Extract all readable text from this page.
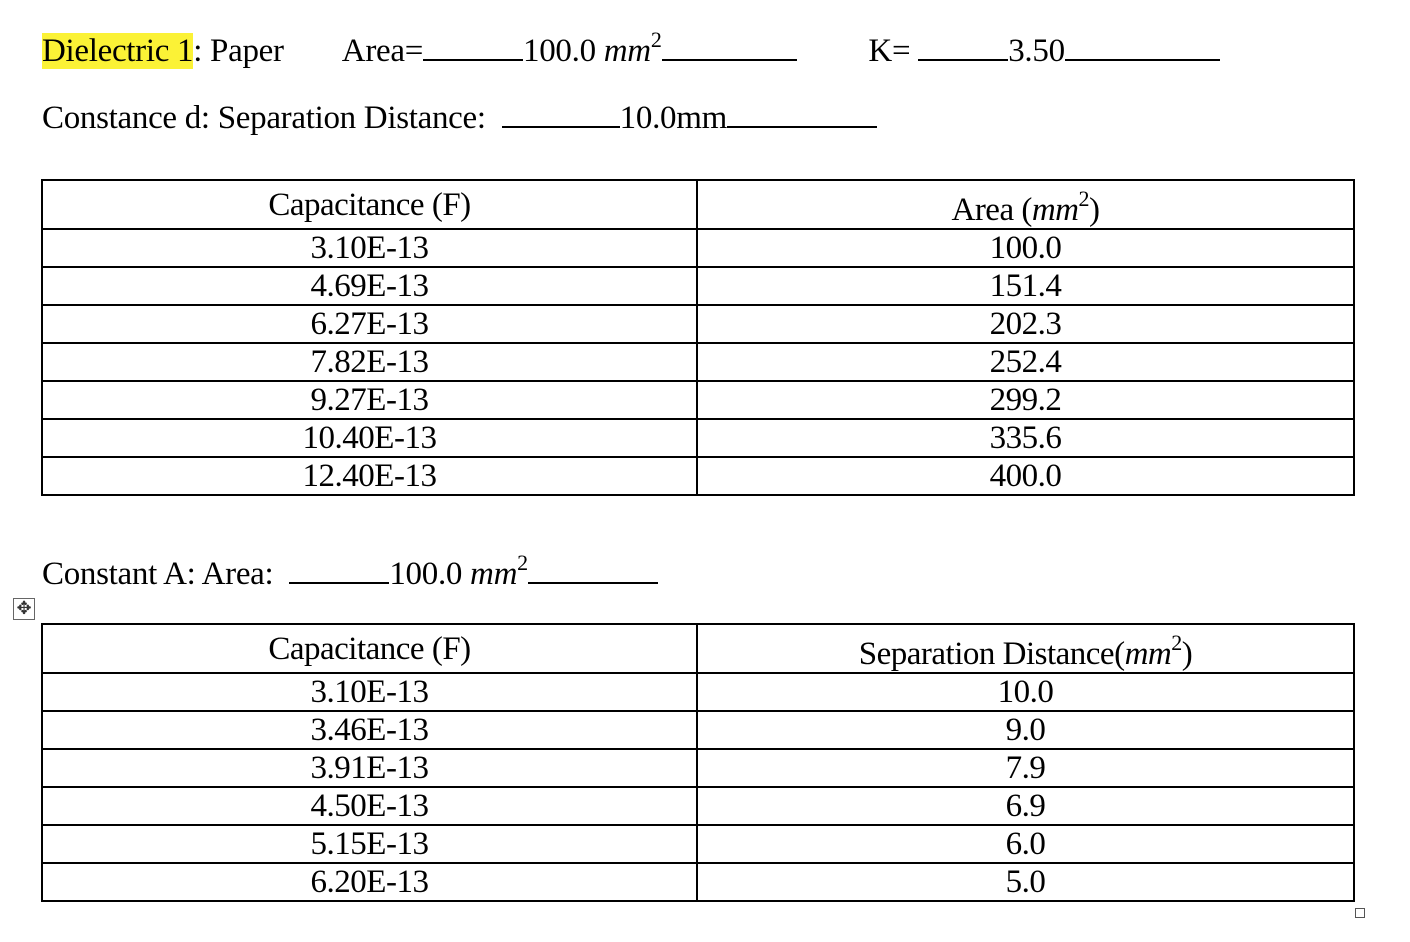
Dielectric 1: Paper Area=	100.0 $mm^2$	K=	3.50
Constance d: Separation Distance:	10.0mm
Capacitance (F)	Area $(mm^2)$
3.10E-13	100.0
4.69E-13	151.4
6.27E-13	202.3
7.82E-13	252.4
9.27E-13	299.2
10.40E-13	335.6
12.40E-13	400.0
Constant A: Area:	100.0 $mm^2$
✥
Capacitance (F)	Separation $Distance(mm^2)$
3.10E-13	10.0
3.46E-13	9.0
3.91E-13	7.9
4.50E-13	6.9
5.15E-13	6.0
6.20E-13	5.0
